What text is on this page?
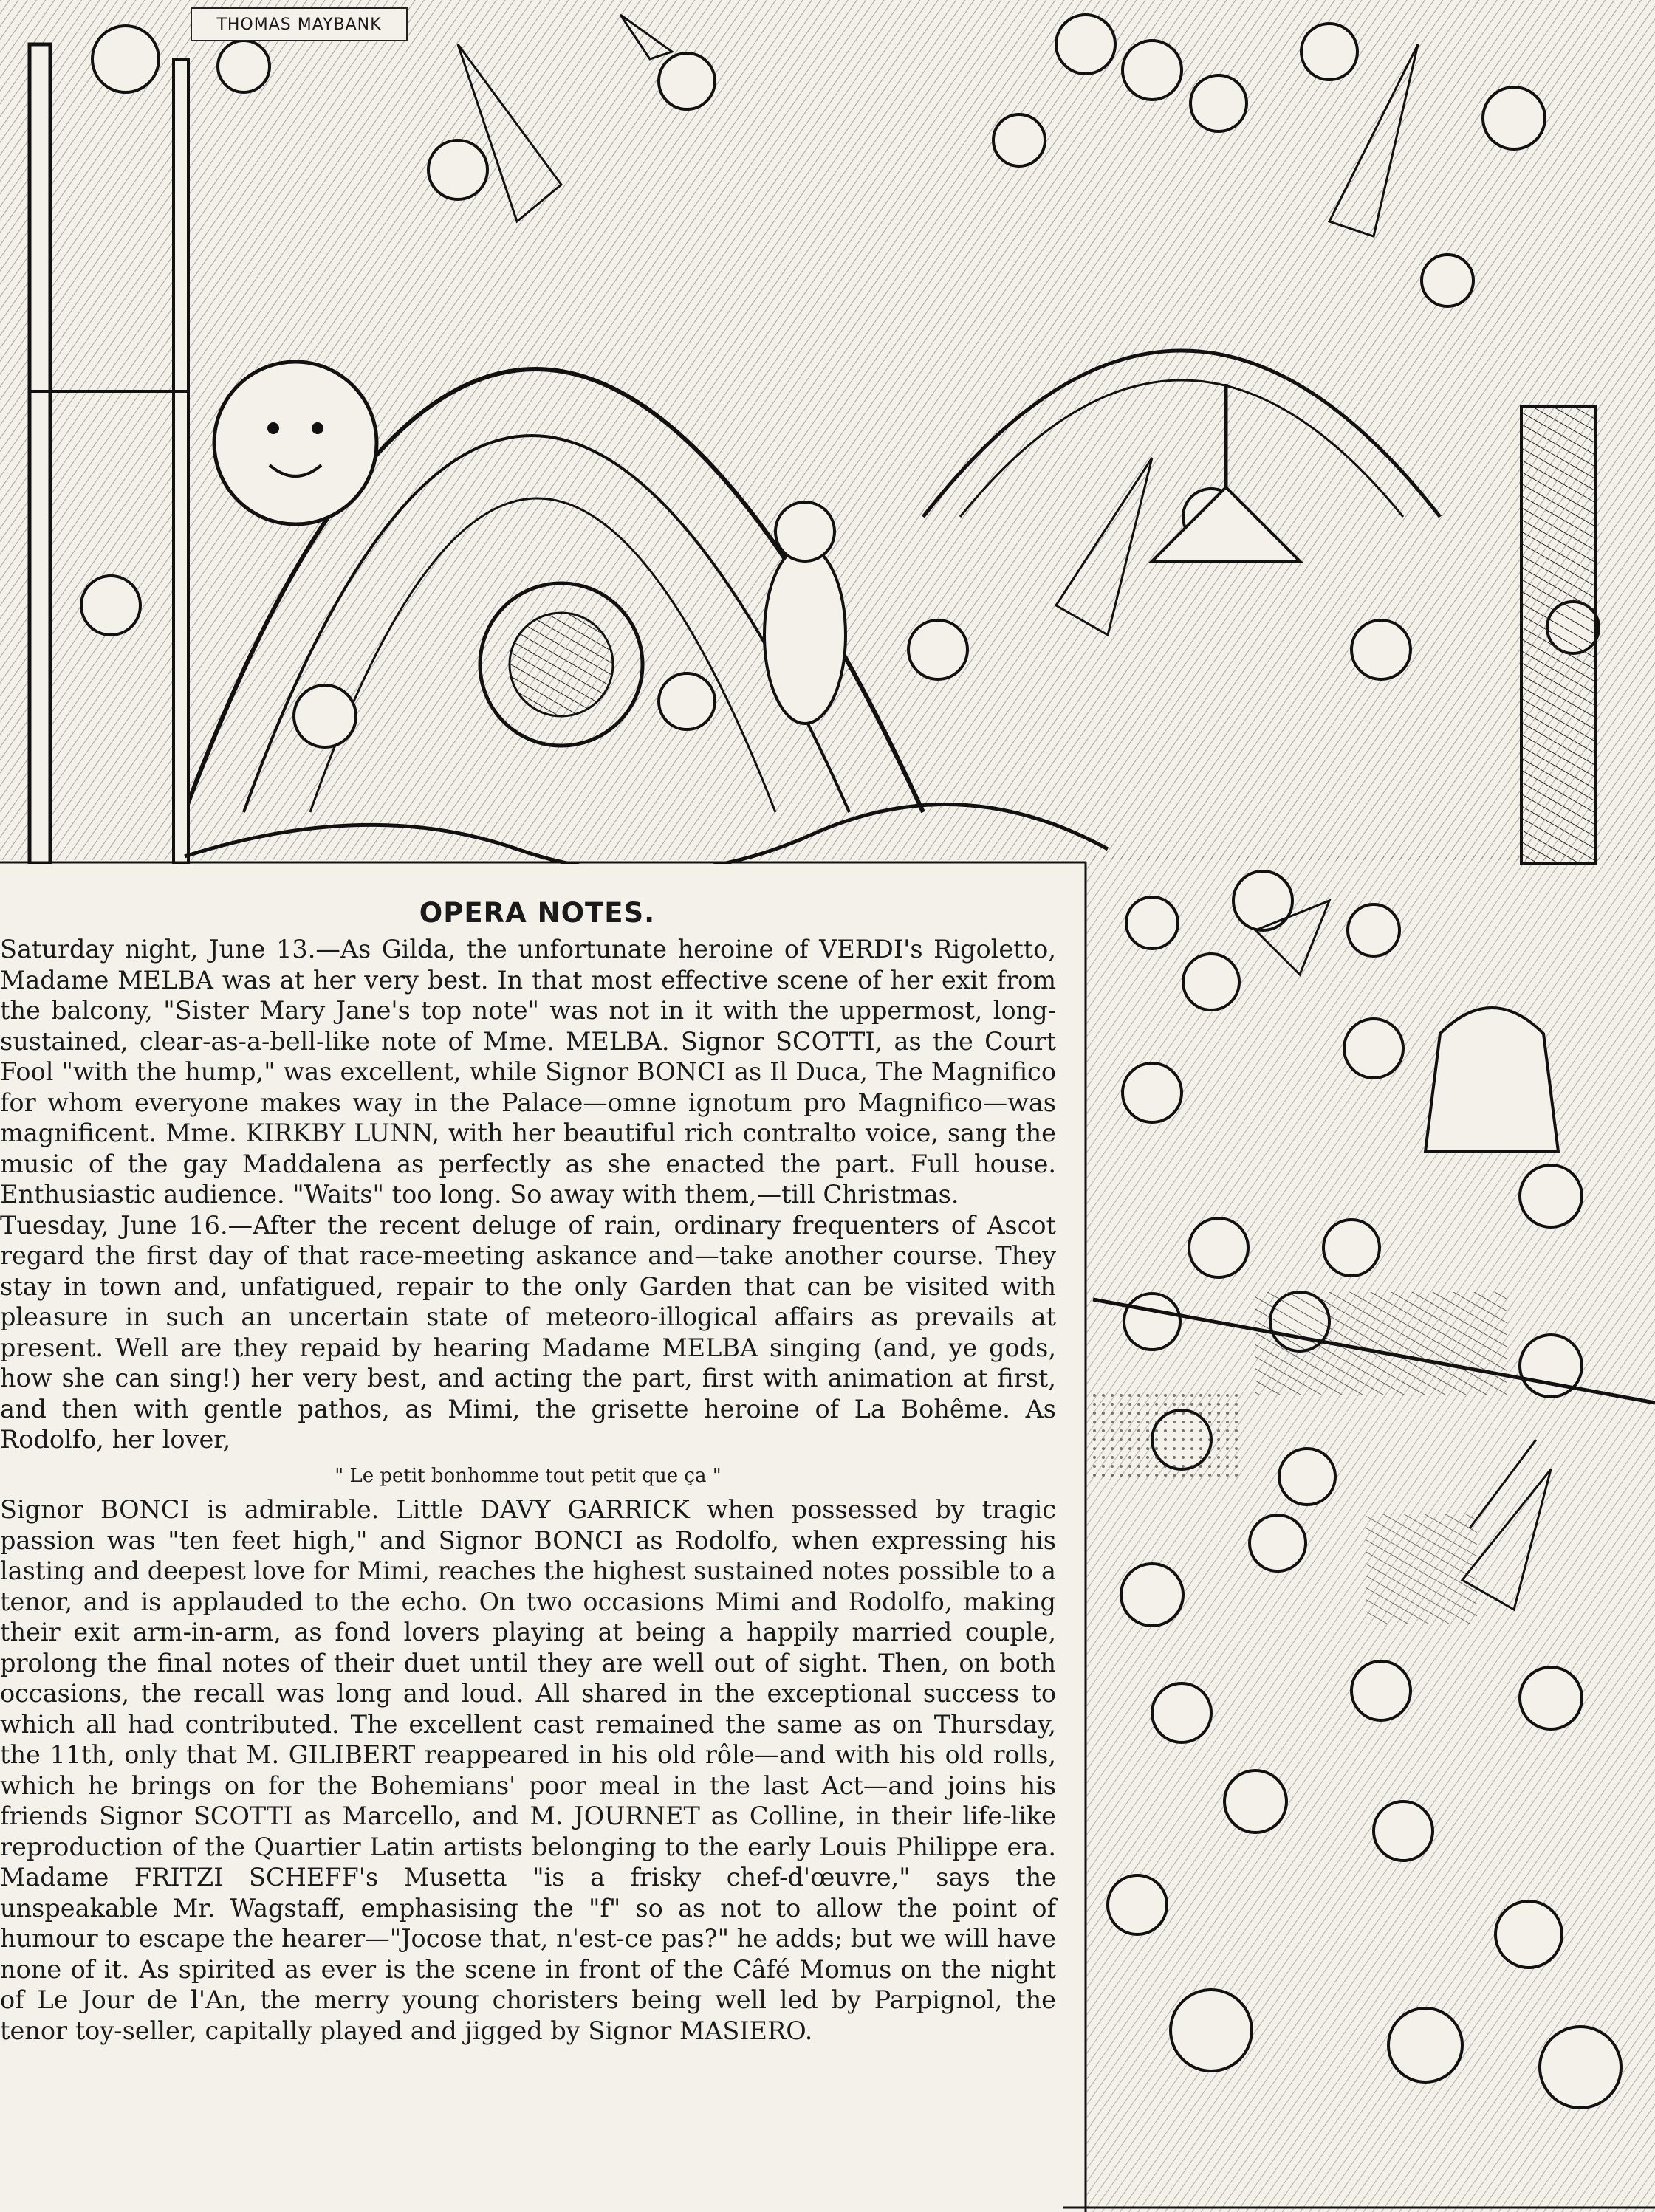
THOMAS MAYBANK
OPERA NOTES.

Saturday night, June 13.—As Gilda, the unfortunate heroine of VERDI's Rigoletto, Madame MELBA was at her very best. In that most effective scene of her exit from the balcony, "Sister Mary Jane's top note" was not in it with the uppermost, long-sustained, clear-as-a-bell-like note of Mme. MELBA. Signor SCOTTI, as the Court Fool "with the hump," was excellent, while Signor BONCI as Il Duca, The Magnifico for whom everyone makes way in the Palace—omne ignotum pro Magnifico—was magnificent. Mme. KIRKBY LUNN, with her beautiful rich contralto voice, sang the music of the gay Maddalena as perfectly as she enacted the part. Full house. Enthusiastic audience. "Waits" too long. So away with them,—till Christmas.

Tuesday, June 16.—After the recent deluge of rain, ordinary frequenters of Ascot regard the first day of that race-meeting askance and—take another course. They stay in town and, unfatigued, repair to the only Garden that can be visited with pleasure in such an uncertain state of meteoro-illogical affairs as prevails at present. Well are they repaid by hearing Madame MELBA singing (and, ye gods, how she can sing!) her very best, and acting the part, first with animation at first, and then with gentle pathos, as Mimi, the grisette heroine of La Bohême. As Rodolfo, her lover,

" Le petit bonhomme tout petit que ça "

Signor BONCI is admirable. Little DAVY GARRICK when possessed by tragic passion was "ten feet high," and Signor BONCI as Rodolfo, when expressing his lasting and deepest love for Mimi, reaches the highest sustained notes possible to a tenor, and is applauded to the echo. On two occasions Mimi and Rodolfo, making their exit arm-in-arm, as fond lovers playing at being a happily married couple, prolong the final notes of their duet until they are well out of sight. Then, on both occasions, the recall was long and loud. All shared in the exceptional success to which all had contributed. The excellent cast remained the same as on Thursday, the 11th, only that M. GILIBERT reappeared in his old rôle—and with his old rolls, which he brings on for the Bohemians' poor meal in the last Act—and joins his friends Signor SCOTTI as Marcello, and M. JOURNET as Colline, in their life-like reproduction of the Quartier Latin artists belonging to the early Louis Philippe era. Madame FRITZI SCHEFF's Musetta "is a frisky chef-d'œuvre," says the unspeakable Mr. Wagstaff, emphasising the "f" so as not to allow the point of humour to escape the hearer—"Jocose that, n'est-ce pas?" he adds; but we will have none of it. As spirited as ever is the scene in front of the Câfé Momus on the night of Le Jour de l'An, the merry young choristers being well led by Parpignol, the tenor toy-seller, capitally played and jigged by Signor MASIERO.
